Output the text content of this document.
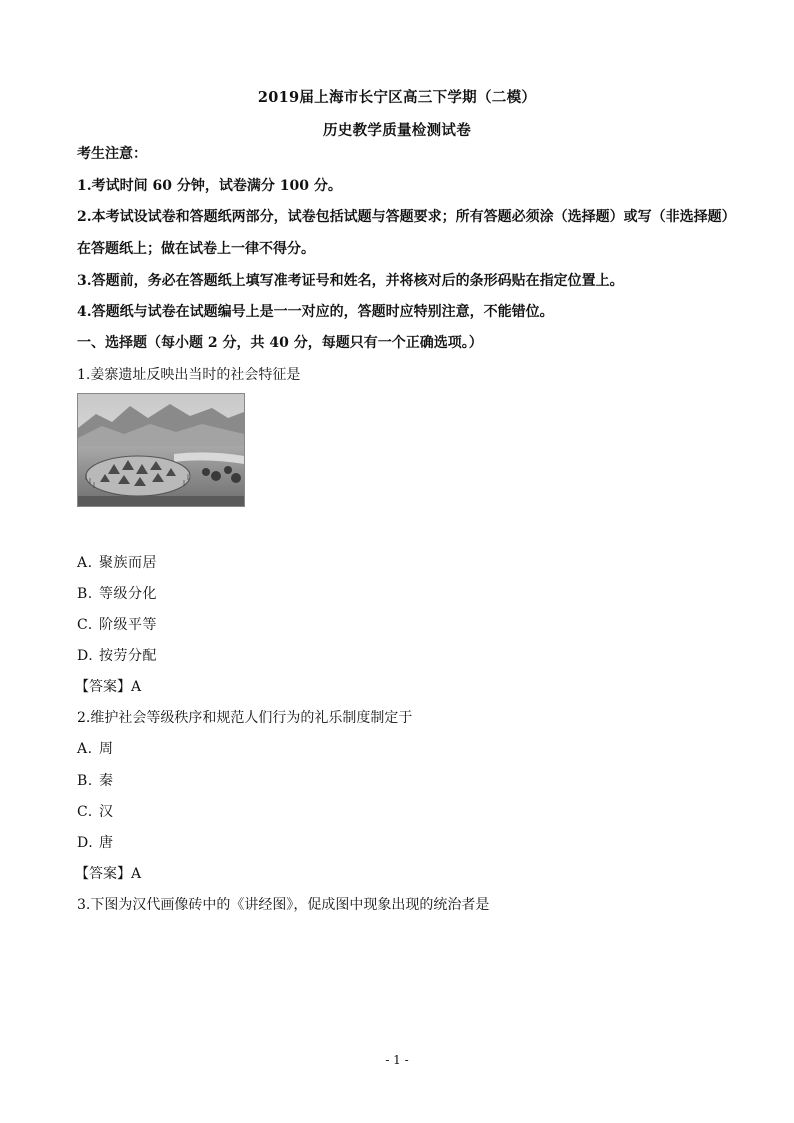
2019届上海市长宁区高三下学期（二模）
历史教学质量检测试卷
考生注意：
1.考试时间 60 分钟，试卷满分 100 分。
2.本考试设试卷和答题纸两部分，试卷包括试题与答题要求；所有答题必须涂（选择题）或写（非选择题）
在答题纸上；做在试卷上一律不得分。
3.答题前，务必在答题纸上填写准考证号和姓名，并将核对后的条形码贴在指定位置上。
4.答题纸与试卷在试题编号上是一一对应的，答题时应特别注意，不能错位。
一、选择题（每小题 2 分，共 40 分，每题只有一个正确选项。）
1.姜寨遗址反映出当时的社会特征是
A. 聚族而居
B. 等级分化
C. 阶级平等
D. 按劳分配
【答案】A
2.维护社会等级秩序和规范人们行为的礼乐制度制定于
A. 周
B. 秦
C. 汉
D. 唐
【答案】A
3.下图为汉代画像砖中的《讲经图》，促成图中现象出现的统治者是
- 1 -
